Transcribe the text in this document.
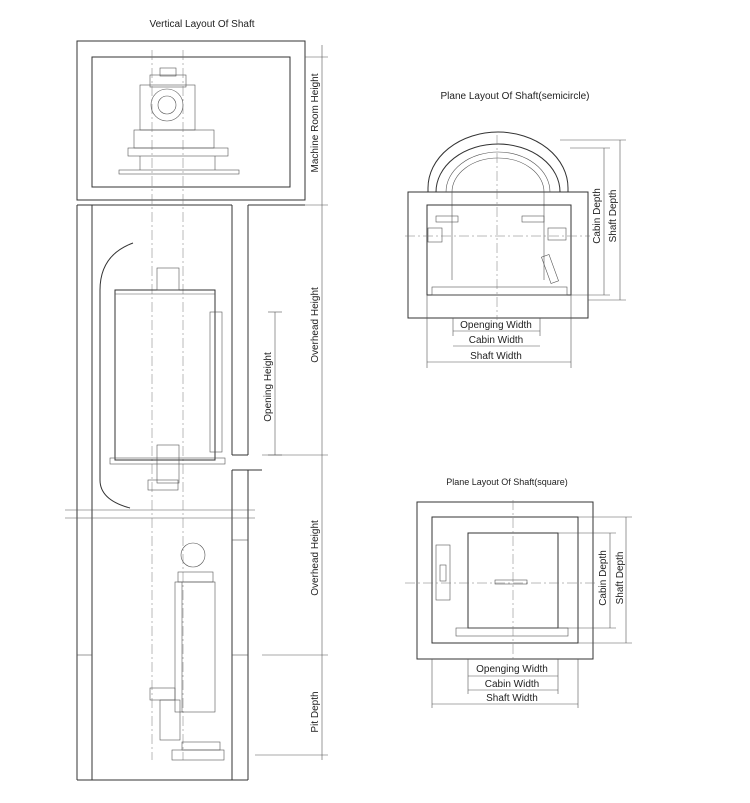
Vertical Layout Of Shaft
Machine Room Height
Overhead Height
Opening Height
Overhead Height
Pit Depth
Plane Layout Of Shaft(semicircle)
Cabin Depth Shaft Depth
Openging Width
Cabin Width
Shaft Width
Plane Layout Of Shaft(square)
Cabin Depth Shaft Depth
Openging Width
Cabin Width
Shaft Width
